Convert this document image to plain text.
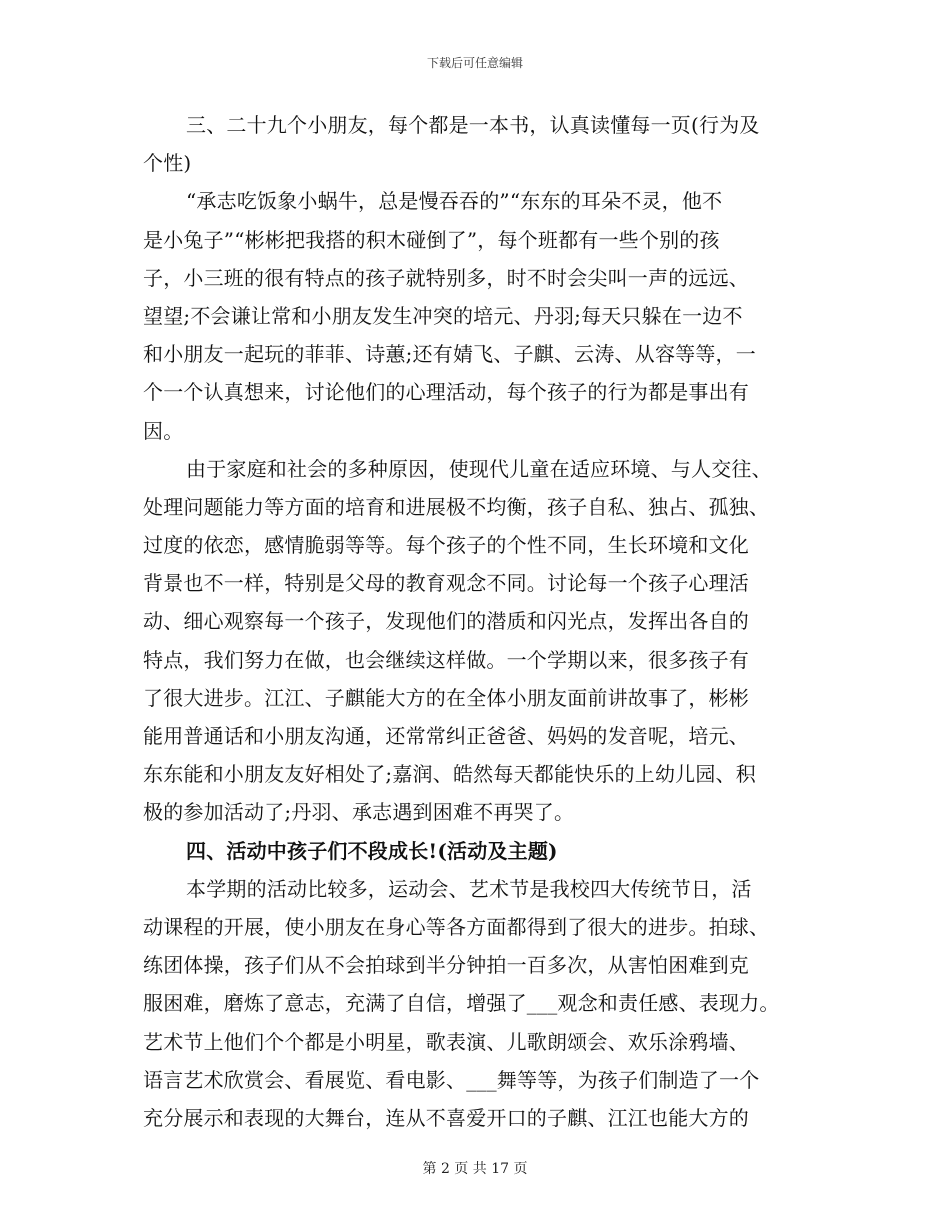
下载后可任意编辑
三、二十九个小朋友，每个都是一本书，认真读懂每一页(行为及
个性)
“承志吃饭象小蜗牛，总是慢吞吞的”“东东的耳朵不灵，他不
是小兔子”“彬彬把我搭的积木碰倒了”，每个班都有一些个别的孩
子，小三班的很有特点的孩子就特别多，时不时会尖叫一声的远远、
望望;不会谦让常和小朋友发生冲突的培元、丹羽;每天只躲在一边不
和小朋友一起玩的菲菲、诗蕙;还有婧飞、子麒、云涛、从容等等，一
个一个认真想来，讨论他们的心理活动，每个孩子的行为都是事出有
因。
由于家庭和社会的多种原因，使现代儿童在适应环境、与人交往、
处理问题能力等方面的培育和进展极不均衡，孩子自私、独占、孤独、
过度的依恋，感情脆弱等等。每个孩子的个性不同，生长环境和文化
背景也不一样，特别是父母的教育观念不同。讨论每一个孩子心理活
动、细心观察每一个孩子，发现他们的潜质和闪光点，发挥出各自的
特点，我们努力在做，也会继续这样做。一个学期以来，很多孩子有
了很大进步。江江、子麒能大方的在全体小朋友面前讲故事了，彬彬
能用普通话和小朋友沟通，还常常纠正爸爸、妈妈的发音呢，培元、
东东能和小朋友友好相处了;嘉润、皓然每天都能快乐的上幼儿园、积
极的参加活动了;丹羽、承志遇到困难不再哭了。
四、活动中孩子们不段成长!(活动及主题)
本学期的活动比较多，运动会、艺术节是我校四大传统节日，活
动课程的开展，使小朋友在身心等各方面都得到了很大的进步。拍球、
练团体操，孩子们从不会拍球到半分钟拍一百多次，从害怕困难到克
服困难，磨炼了意志，充满了自信，增强了___观念和责任感、表现力。
艺术节上他们个个都是小明星，歌表演、儿歌朗颂会、欢乐涂鸦墙、
语言艺术欣赏会、看展览、看电影、___舞等等，为孩子们制造了一个
充分展示和表现的大舞台，连从不喜爱开口的子麒、江江也能大方的
第 2 页 共 17 页
